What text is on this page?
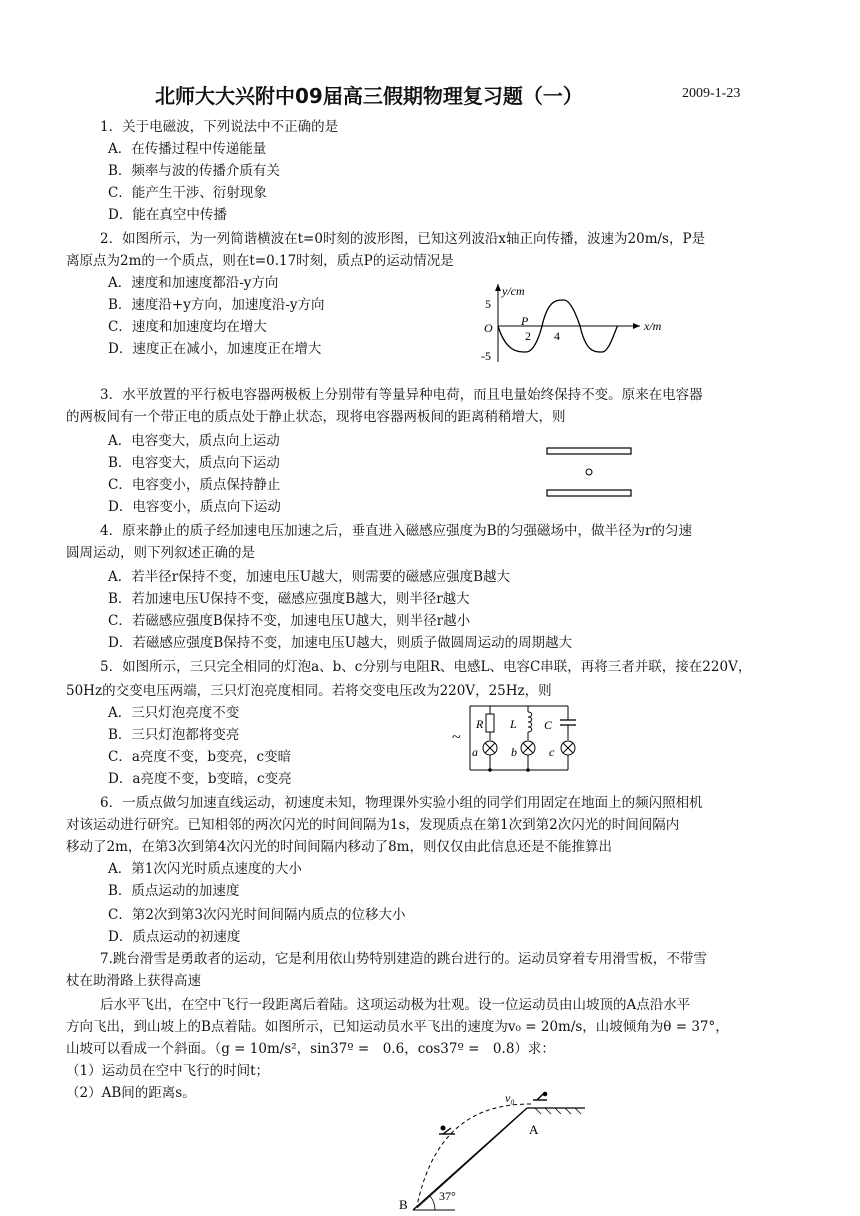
北师大大兴附中09届高三假期物理复习题（一）	2009-1-23
1．关于电磁波，下列说法中不正确的是
A．在传播过程中传递能量
B．频率与波的传播介质有关
C．能产生干涉、衍射现象
D．能在真空中传播
2．如图所示，为一列简谐横波在t=0时刻的波形图，已知这列波沿x轴正向传播，波速为20m/s，P是
离原点为2m的一个质点，则在t=0.17时刻，质点P的运动情况是
A．速度和加速度都沿-y方向
B．速度沿+y方向，加速度沿-y方向
C．速度和加速度均在增大
D．速度正在减小，加速度正在增大
y/cm
x/m
5
-5
O P
2 4
3．水平放置的平行板电容器两极板上分别带有等量异种电荷，而且电量始终保持不变。原来在电容器
的两板间有一个带正电的质点处于静止状态，现将电容器两板间的距离稍稍增大，则
A．电容变大，质点向上运动
B．电容变大，质点向下运动
C．电容变小，质点保持静止
D．电容变小，质点向下运动
4．原来静止的质子经加速电压加速之后，垂直进入磁感应强度为B的匀强磁场中，做半径为r的匀速
圆周运动，则下列叙述正确的是
A．若半径r保持不变，加速电压U越大，则需要的磁感应强度B越大
B．若加速电压U保持不变，磁感应强度B越大，则半径r越大
C．若磁感应强度B保持不变，加速电压U越大，则半径r越小
D．若磁感应强度B保持不变，加速电压U越大，则质子做圆周运动的周期越大
5．如图所示，三只完全相同的灯泡a、b、c分别与电阻R、电感L、电容C串联，再将三者并联，接在220V，
50Hz的交变电压两端，三只灯泡亮度相同。若将交变电压改为220V，25Hz，则
A．三只灯泡亮度不变
B．三只灯泡都将变亮
C．a亮度不变，b变亮，c变暗
D．a亮度不变，b变暗，c变亮
~
R
a
L
b
C
c
6．一质点做匀加速直线运动，初速度未知，物理课外实验小组的同学们用固定在地面上的频闪照相机
对该运动进行研究。已知相邻的两次闪光的时间间隔为1s，发现质点在第1次到第2次闪光的时间间隔内
移动了2m，在第3次到第4次闪光的时间间隔内移动了8m，则仅仅由此信息还是不能推算出
A．第1次闪光时质点速度的大小
B．质点运动的加速度
C．第2次到第3次闪光时间间隔内质点的位移大小
D．质点运动的初速度
7.跳台滑雪是勇敢者的运动，它是利用依山势特别建造的跳台进行的。运动员穿着专用滑雪板，不带雪
杖在助滑路上获得高速
后水平飞出，在空中飞行一段距离后着陆。这项运动极为壮观。设一位运动员由山坡顶的A点沿水平
方向飞出，到山坡上的B点着陆。如图所示，已知运动员水平飞出的速度为v₀ = 20m/s，山坡倾角为θ = 37°，
山坡可以看成一个斜面。（g = 10m/s²，sin37º =　0.6，cos37º =　0.8）求：
（1）运动员在空中飞行的时间t；
（2）AB间的距离s。	v₀
A
B
37°
